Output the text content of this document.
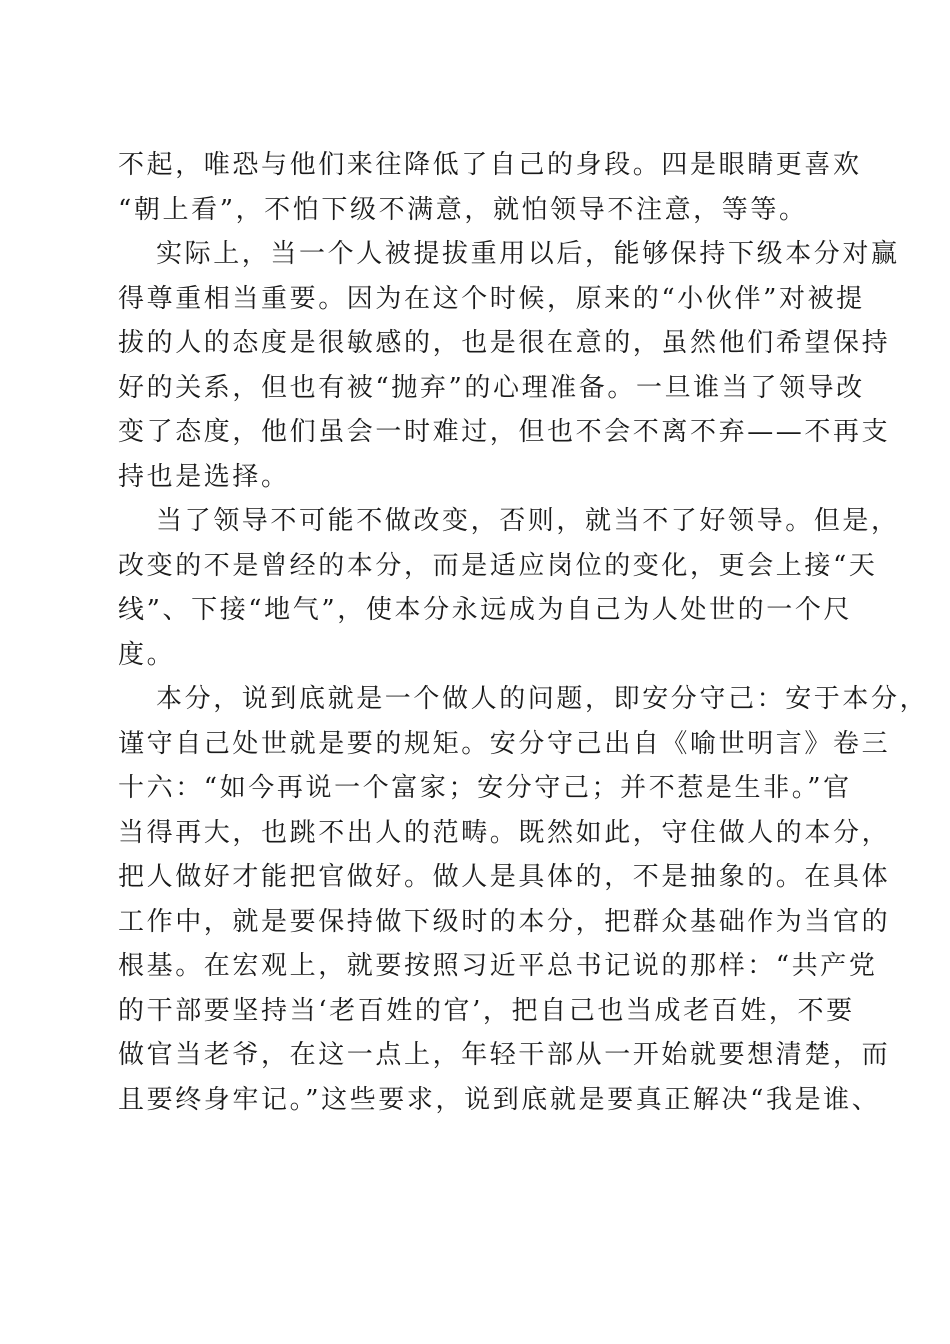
不起，唯恐与他们来往降低了自己的身段。四是眼睛更喜欢
“朝上看”，不怕下级不满意，就怕领导不注意，等等。
实际上，当一个人被提拔重用以后，能够保持下级本分对赢
得尊重相当重要。因为在这个时候，原来的“小伙伴”对被提
拔的人的态度是很敏感的，也是很在意的，虽然他们希望保持
好的关系，但也有被“抛弃”的心理准备。一旦谁当了领导改
变了态度，他们虽会一时难过，但也不会不离不弃——不再支
持也是选择。
当了领导不可能不做改变，否则，就当不了好领导。但是，
改变的不是曾经的本分，而是适应岗位的变化，更会上接“天
线”、下接“地气”，使本分永远成为自己为人处世的一个尺
度。
本分，说到底就是一个做人的问题，即安分守己：安于本分，
谨守自己处世就是要的规矩。安分守己出自《喻世明言》卷三
十六：“如今再说一个富家；安分守己；并不惹是生非。”官
当得再大，也跳不出人的范畴。既然如此，守住做人的本分，
把人做好才能把官做好。做人是具体的，不是抽象的。在具体
工作中，就是要保持做下级时的本分，把群众基础作为当官的
根基。在宏观上，就要按照习近平总书记说的那样：“共产党
的干部要坚持当‘老百姓的官’，把自己也当成老百姓，不要
做官当老爷，在这一点上，年轻干部从一开始就要想清楚，而
且要终身牢记。”这些要求，说到底就是要真正解决“我是谁、
